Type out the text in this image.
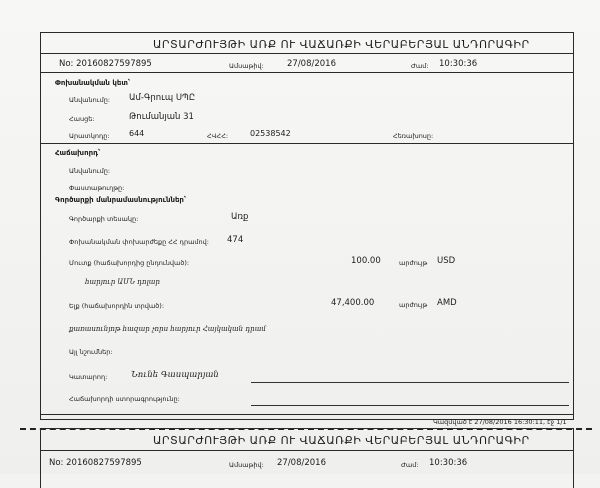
ԱՐՏԱՐԺՈՒՅԹԻ ԱՌՔ ՈՒ ՎԱՃԱՌՔԻ ՎԵՐԱԲԵՐՅԱԼ ԱՆԴՈՐԱԳԻՐ
No: 20160827597895	Ամսաթիվ:	27/08/2016	Ժամ: 10:30:36
Փոխանակման կետ՝
Անվանումը: Ամ-Գրուպ ՍՊԸ
Հասցե:	Թումանյան 31
Արատկոդը: 644	ՀՎՀՀ:	02538542	Հեռախոսը:
Հաճախորդ՝
Անվանումը:
Փաստաթուղթը:
Գործարքի մանրամասնություններ՝
Գործարքի տեսակը:	Առք
Փոխանակման փոխարժեքը ՀՀ դրամով: 474
Մուտք (հաճախորդից ընդունված):	100.00	արժույթ USD
հարյուր ԱՄՆ դոլար
Ելք (հաճախորդին տրված):	47,400.00	արժույթ AMD
քառասունյոթ հազար չորս հարյուր Հայկական դրամ
Այլ նշումներ:
Կատարող:	Նունե Գասպարյան
Հաճախորդի ստորագրությունը:
Կազմված է 27/08/2016 16:30:11, էջ 1/1
ԱՐՏԱՐԺՈՒՅԹԻ ԱՌՔ ՈՒ ՎԱՃԱՌՔԻ ՎԵՐԱԲԵՐՅԱԼ ԱՆԴՈՐԱԳԻՐ
No: 20160827597895	Ամսաթիվ: 27/08/2016	Ժամ: 10:30:36
